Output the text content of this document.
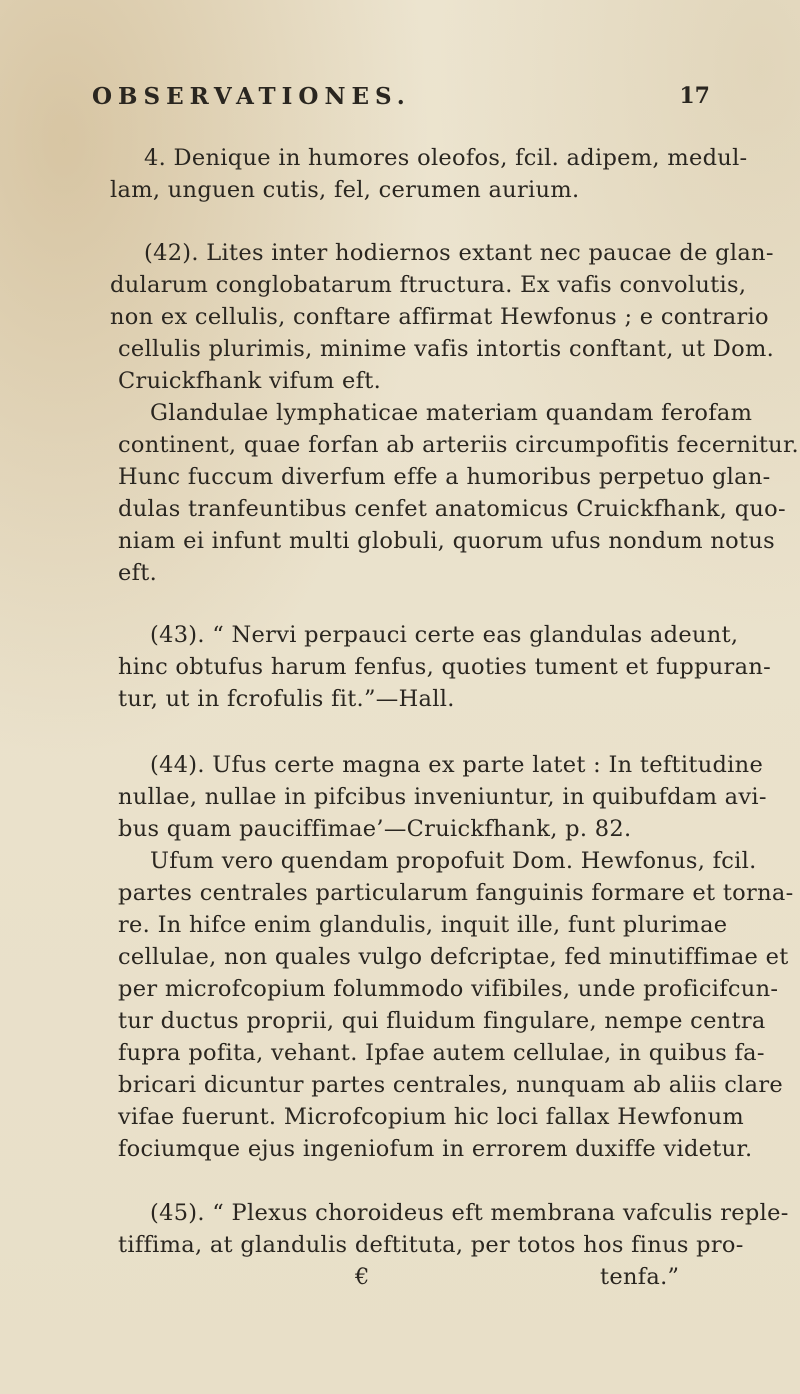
OBSERVATIONES.	17
4. Denique in humores oleofos, fcil. adipem, medul-
lam, unguen cutis, fel, cerumen aurium.
(42). Lites inter hodiernos extant nec paucae de glan-
dularum conglobatarum ftructura. Ex vafis convolutis,
non ex cellulis, conftare affirmat Hewfonus ; e contrario
cellulis plurimis, minime vafis intortis conftant, ut Dom.
Cruickfhank vifum eft.
Glandulae lymphaticae materiam quandam ferofam
continent, quae forfan ab arteriis circumpofitis fecernitur.
Hunc fuccum diverfum effe a humoribus perpetuo glan-
dulas tranfeuntibus cenfet anatomicus Cruickfhank, quo-
niam ei infunt multi globuli, quorum ufus nondum notus
eft.
(43). “ Nervi perpauci certe eas glandulas adeunt,
hinc obtufus harum fenfus, quoties tument et fuppuran-
tur, ut in fcrofulis fit.”—Hall.
(44). Ufus certe magna ex parte latet : In teftitudine
nullae, nullae in pifcibus inveniuntur, in quibufdam avi-
bus quam pauciffimae’—Cruickfhank, p. 82.
Ufum vero quendam propofuit Dom. Hewfonus, fcil.
partes centrales particularum fanguinis formare et torna-
re. In hifce enim glandulis, inquit ille, funt plurimae
cellulae, non quales vulgo defcriptae, fed minutiffimae et
per microfcopium folummodo vifibiles, unde proficifcun-
tur ductus proprii, qui fluidum fingulare, nempe centra
fupra pofita, vehant. Ipfae autem cellulae, in quibus fa-
bricari dicuntur partes centrales, nunquam ab aliis clare
vifae fuerunt. Microfcopium hic loci fallax Hewfonum
fociumque ejus ingeniofum in errorem duxiffe videtur.
(45). “ Plexus choroideus eft membrana vafculis reple-
tiffima, at glandulis deftituta, per totos hos finus pro-
€	tenfa.”
